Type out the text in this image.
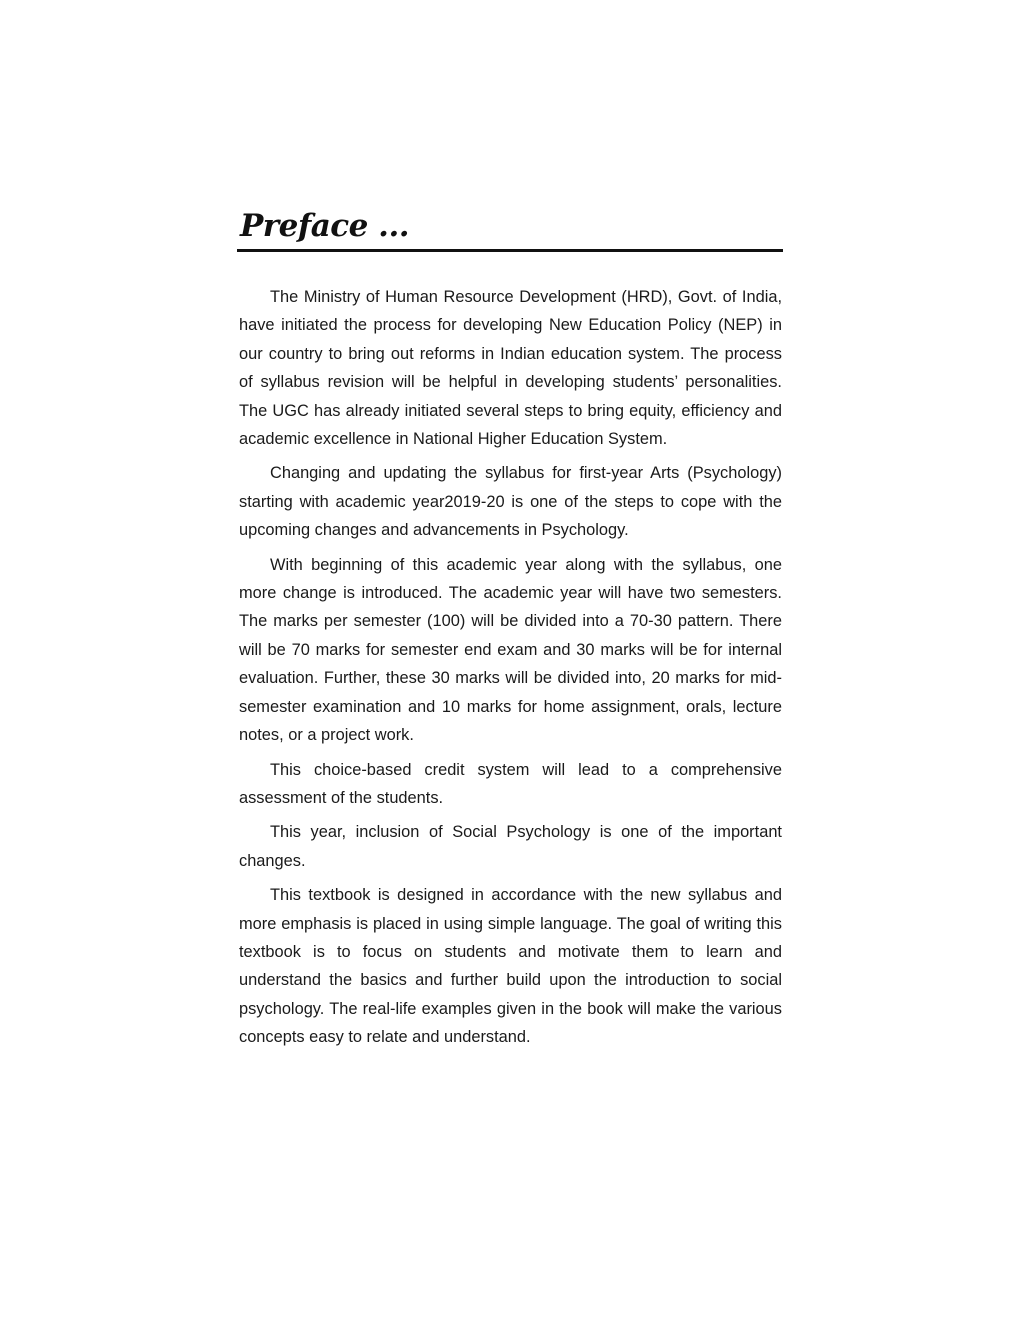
Preface ...

The Ministry of Human Resource Development (HRD), Govt. of India, have initiated the process for developing New Education Policy (NEP) in our country to bring out reforms in Indian education system. The process of syllabus revision will be helpful in developing students’ personalities. The UGC has already initiated several steps to bring equity, efficiency and academic excellence in National Higher Education System.

Changing and updating the syllabus for first-year Arts (Psychology) starting with academic year2019-20 is one of the steps to cope with the upcoming changes and advancements in Psychology.

With beginning of this academic year along with the syllabus, one more change is introduced. The academic year will have two semesters. The marks per semester (100) will be divided into a 70-30 pattern. There will be 70 marks for semester end exam and 30 marks will be for internal evaluation. Further, these 30 marks will be divided into, 20 marks for mid-semester examination and 10 marks for home assignment, orals, lecture notes, or a project work.

This choice-based credit system will lead to a comprehensive assessment of the students.

This year, inclusion of Social Psychology is one of the important changes.

This textbook is designed in accordance with the new syllabus and more emphasis is placed in using simple language. The goal of writing this textbook is to focus on students and motivate them to learn and understand the basics and further build upon the introduction to social psychology. The real-life examples given in the book will make the various concepts easy to relate and understand.
